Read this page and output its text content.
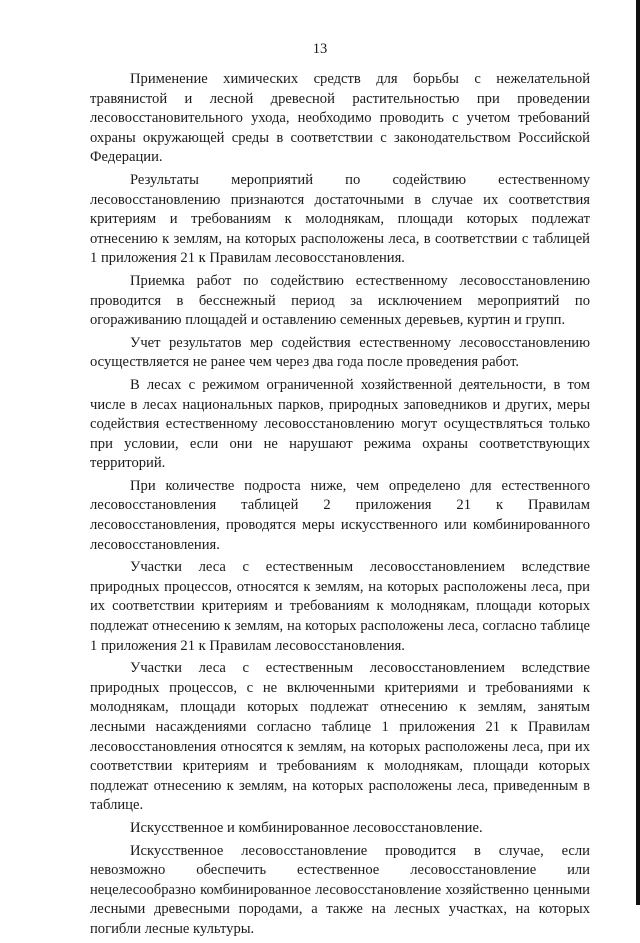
13

Применение химических средств для борьбы с нежелательной травянистой и лесной древесной растительностью при проведении лесовосстановительного ухода, необходимо проводить с учетом требований охраны окружающей среды в соответствии с законодательством Российской Федерации.

Результаты мероприятий по содействию естественному лесовосстановлению признаются достаточными в случае их соответствия критериям и требованиям к молоднякам, площади которых подлежат отнесению к землям, на которых расположены леса, в соответствии с таблицей 1 приложения 21 к Правилам лесовосстановления.

Приемка работ по содействию естественному лесовосстановлению проводится в бесснежный период за исключением мероприятий по огораживанию площадей и оставлению семенных деревьев, куртин и групп.

Учет результатов мер содействия естественному лесовосстановлению осуществляется не ранее чем через два года после проведения работ.

В лесах с режимом ограниченной хозяйственной деятельности, в том числе в лесах национальных парков, природных заповедников и других, меры содействия естественному лесовосстановлению могут осуществляться только при условии, если они не нарушают режима охраны соответствующих территорий.

При количестве подроста ниже, чем определено для естественного лесовосстановления таблицей 2 приложения 21 к Правилам лесовосстановления, проводятся меры искусственного или комбинированного лесовосстановления.

Участки леса с естественным лесовосстановлением вследствие природных процессов, относятся к землям, на которых расположены леса, при их соответствии критериям и требованиям к молоднякам, площади которых подлежат отнесению к землям, на которых расположены леса, согласно таблице 1 приложения 21 к Правилам лесовосстановления.

Участки леса с естественным лесовосстановлением вследствие природных процессов, с не включенными критериями и требованиями к молоднякам, площади которых подлежат отнесению к землям, занятым лесными насаждениями согласно таблице 1 приложения 21 к Правилам лесовосстановления относятся к землям, на которых расположены леса, при их соответствии критериям и требованиям к молоднякам, площади которых подлежат отнесению к землям, на которых расположены леса, приведенным в таблице.

Искусственное и комбинированное лесовосстановление.

Искусственное лесовосстановление проводится в случае, если невозможно обеспечить естественное лесовосстановление или нецелесообразно комбинированное лесовосстановление хозяйственно ценными лесными древесными породами, а также на лесных участках, на которых погибли лесные культуры.
